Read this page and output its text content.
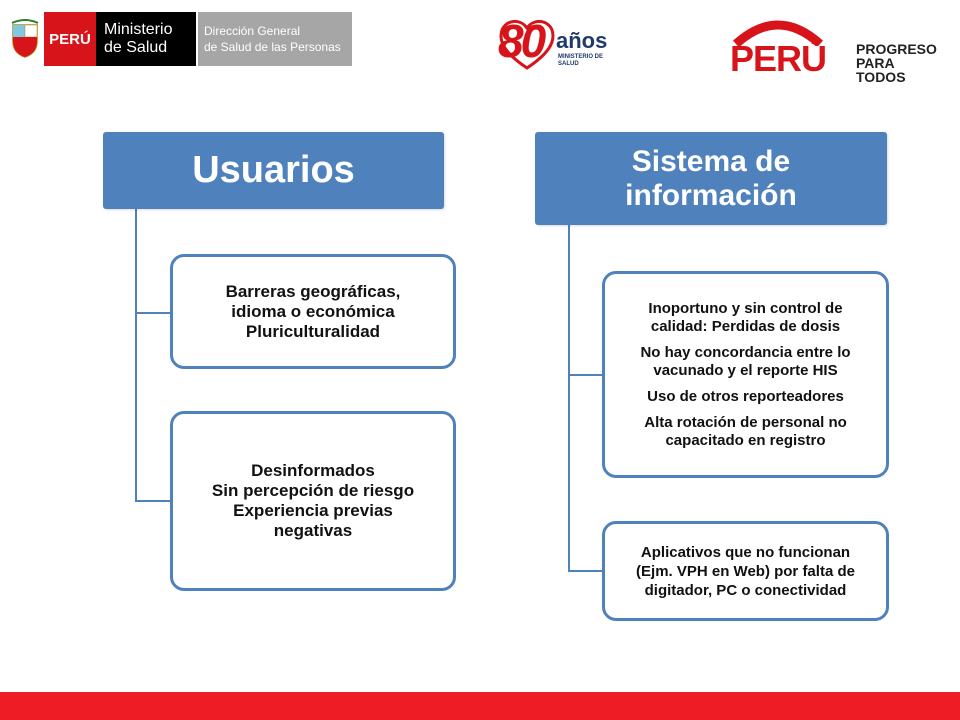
PERÚ
Ministerio
de Salud
Dirección General
de Salud de las Personas	80 años
MINISTERIO DE SALUD	PERÚ PROGRESO
PARA TODOS
Usuarios
Barreras geográficas,
idioma o económica
Pluriculturalidad
Desinformados
Sin percepción de riesgo
Experiencia previas
negativas
Sistema de
información
Inoportuno y sin control de
calidad: Perdidas de dosis
No hay concordancia entre lo
vacunado y el reporte HIS
Uso de otros reporteadores
Alta rotación de personal no
capacitado en registro
Aplicativos que no funcionan
(Ejm. VPH en Web) por falta de
digitador, PC o conectividad
